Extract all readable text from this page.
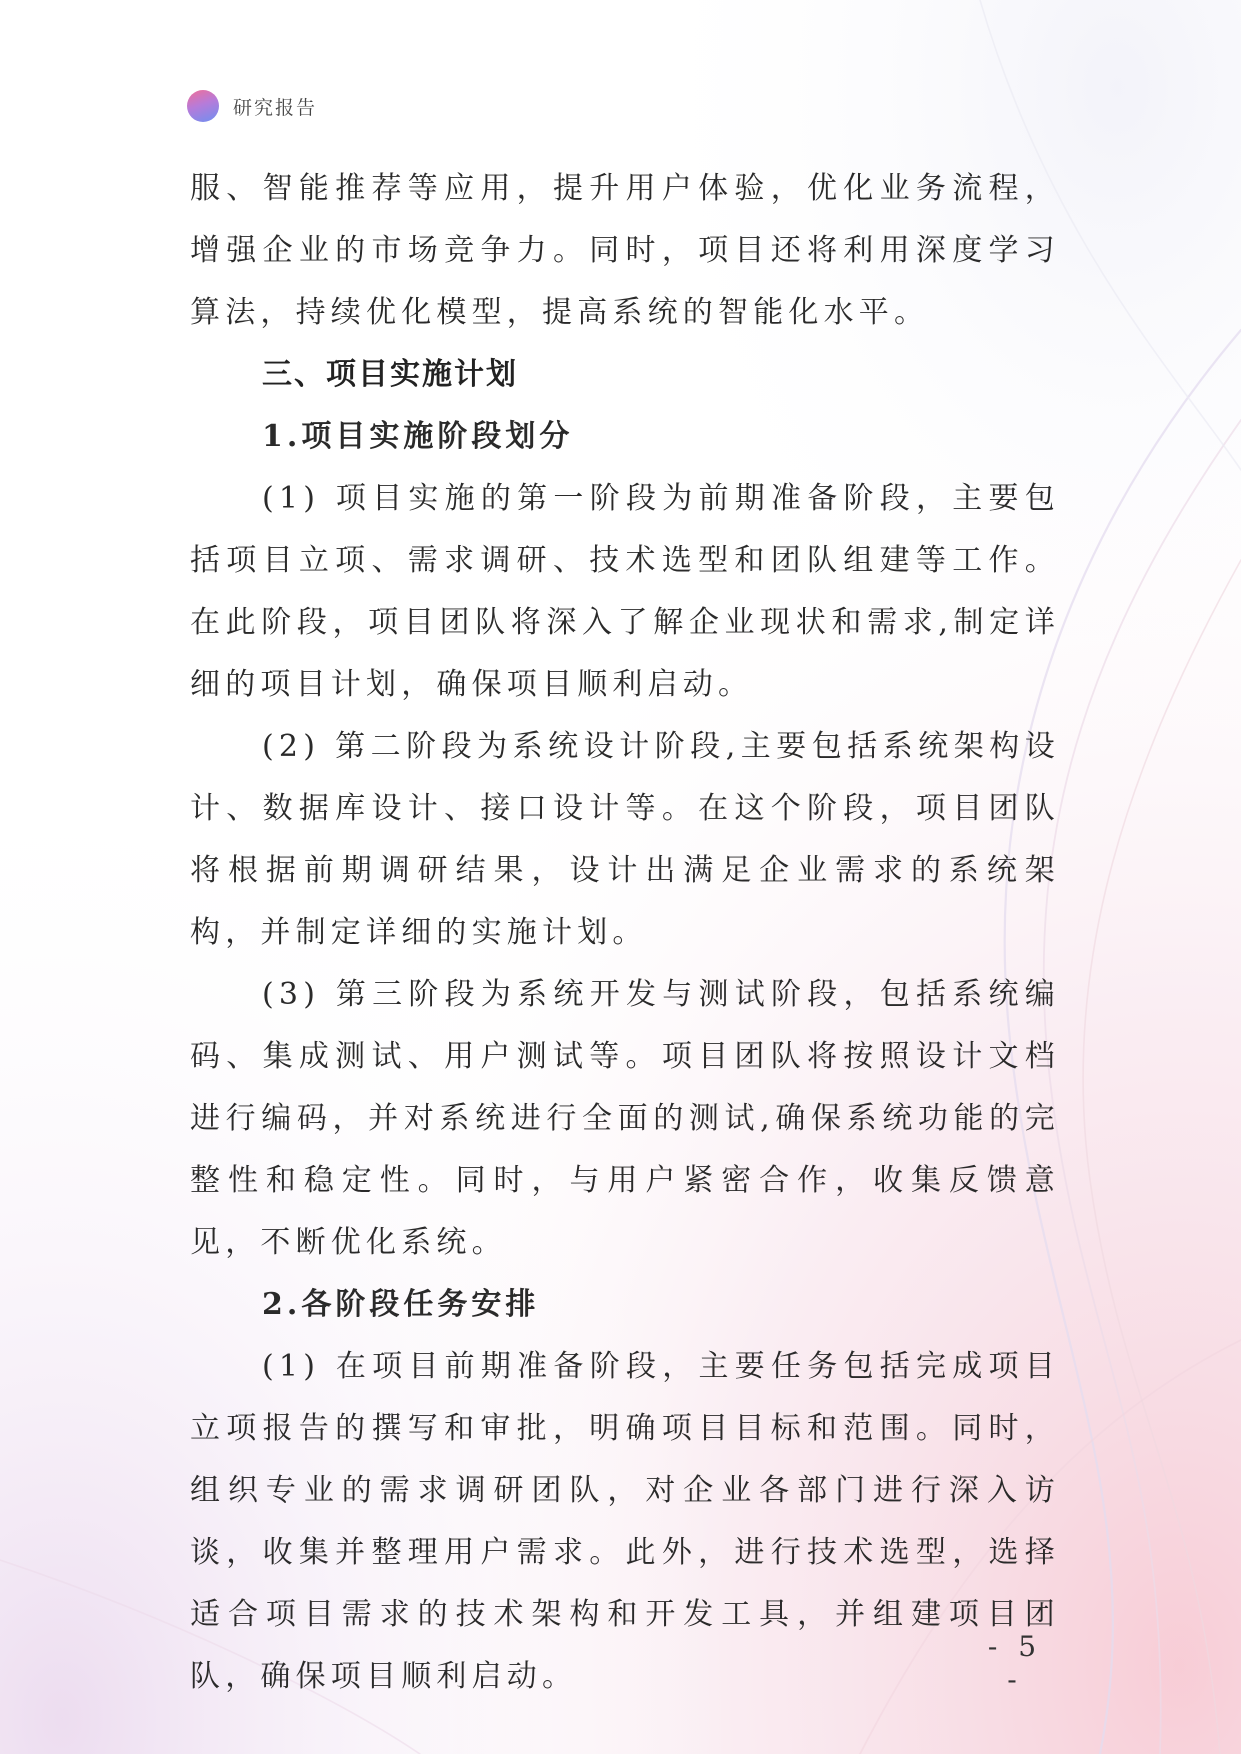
研究报告

服、智能推荐等应用，提升用户体验，优化业务流程，增强企业的市场竞争力。同时，项目还将利用深度学习算法，持续优化模型，提高系统的智能化水平。

三、项目实施计划
1.项目实施阶段划分

(1) 项目实施的第一阶段为前期准备阶段，主要包括项目立项、需求调研、技术选型和团队组建等工作。在此阶段，项目团队将深入了解企业现状和需求,制定详细的项目计划，确保项目顺利启动。

(2) 第二阶段为系统设计阶段,主要包括系统架构设计、数据库设计、接口设计等。在这个阶段，项目团队将根据前期调研结果，设计出满足企业需求的系统架构，并制定详细的实施计划。

(3) 第三阶段为系统开发与测试阶段，包括系统编码、集成测试、用户测试等。项目团队将按照设计文档进行编码，并对系统进行全面的测试,确保系统功能的完整性和稳定性。同时，与用户紧密合作，收集反馈意见，不断优化系统。

2.各阶段任务安排

(1) 在项目前期准备阶段，主要任务包括完成项目立项报告的撰写和审批，明确项目目标和范围。同时，组织专业的需求调研团队，对企业各部门进行深入访谈，收集并整理用户需求。此外，进行技术选型，选择适合项目需求的技术架构和开发工具，并组建项目团队，确保项目顺利启动。

- 5 -
